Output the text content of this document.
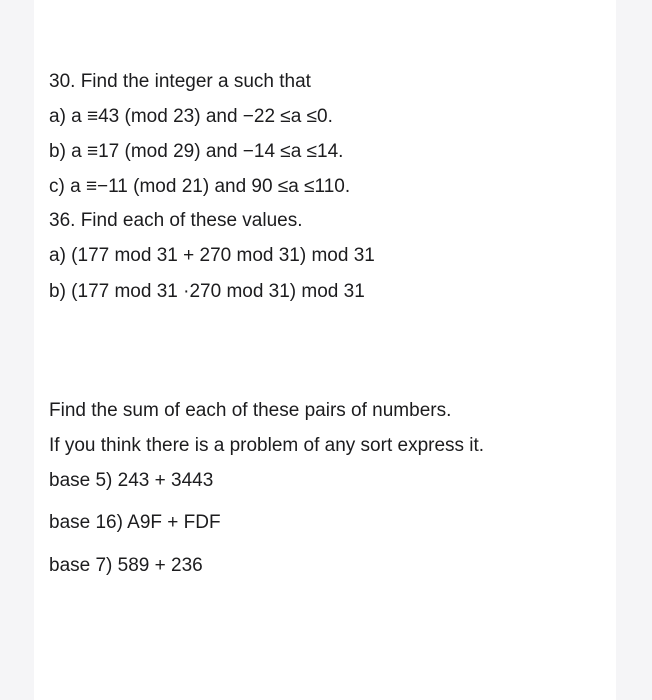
30. Find the integer a such that
a) a ≡43 (mod 23) and −22 ≤a ≤0.
b) a ≡17 (mod 29) and −14 ≤a ≤14.
c) a ≡−11 (mod 21) and 90 ≤a ≤110.
36. Find each of these values.
a) (177 mod 31 + 270 mod 31) mod 31
b) (177 mod 31 ·270 mod 31) mod 31
Find the sum of each of these pairs of numbers.
If you think there is a problem of any sort express it.
base 5) 243 + 3443
base 16) A9F + FDF
base 7) 589 + 236
